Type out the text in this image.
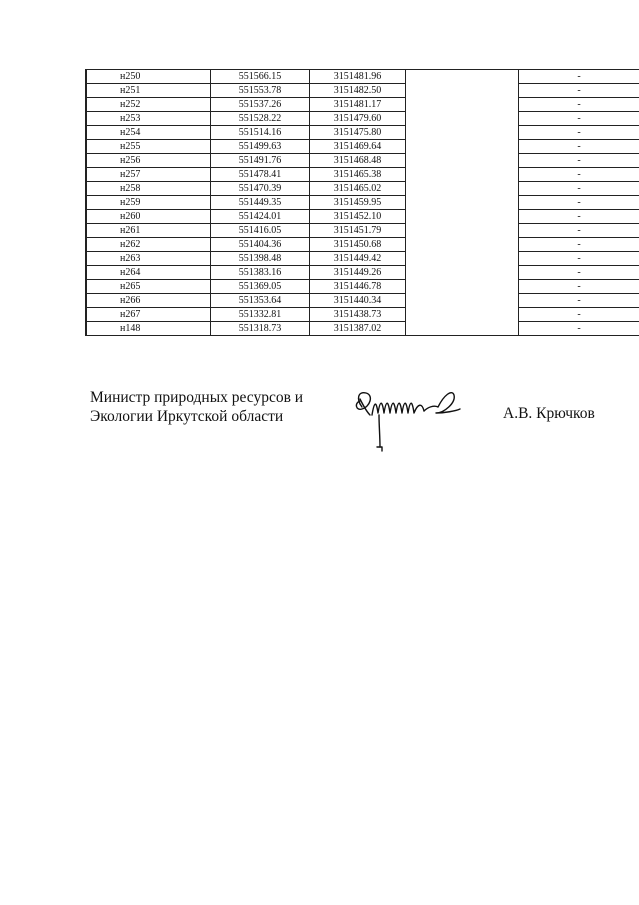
н250	551566.15	3151481.96		-
н251	551553.78	3151482.50		-
н252	551537.26	3151481.17		-
н253	551528.22	3151479.60		-
н254	551514.16	3151475.80		-
н255	551499.63	3151469.64		-
н256	551491.76	3151468.48		-
н257	551478.41	3151465.38		-
н258	551470.39	3151465.02		-
н259	551449.35	3151459.95		-
н260	551424.01	3151452.10		-
н261	551416.05	3151451.79		-
н262	551404.36	3151450.68		-
н263	551398.48	3151449.42		-
н264	551383.16	3151449.26		-
н265	551369.05	3151446.78		-
н266	551353.64	3151440.34		-
н267	551332.81	3151438.73		-
н148	551318.73	3151387.02		-
Министр природных ресурсов и
Экологии Иркутской области	А.В. Крючков
